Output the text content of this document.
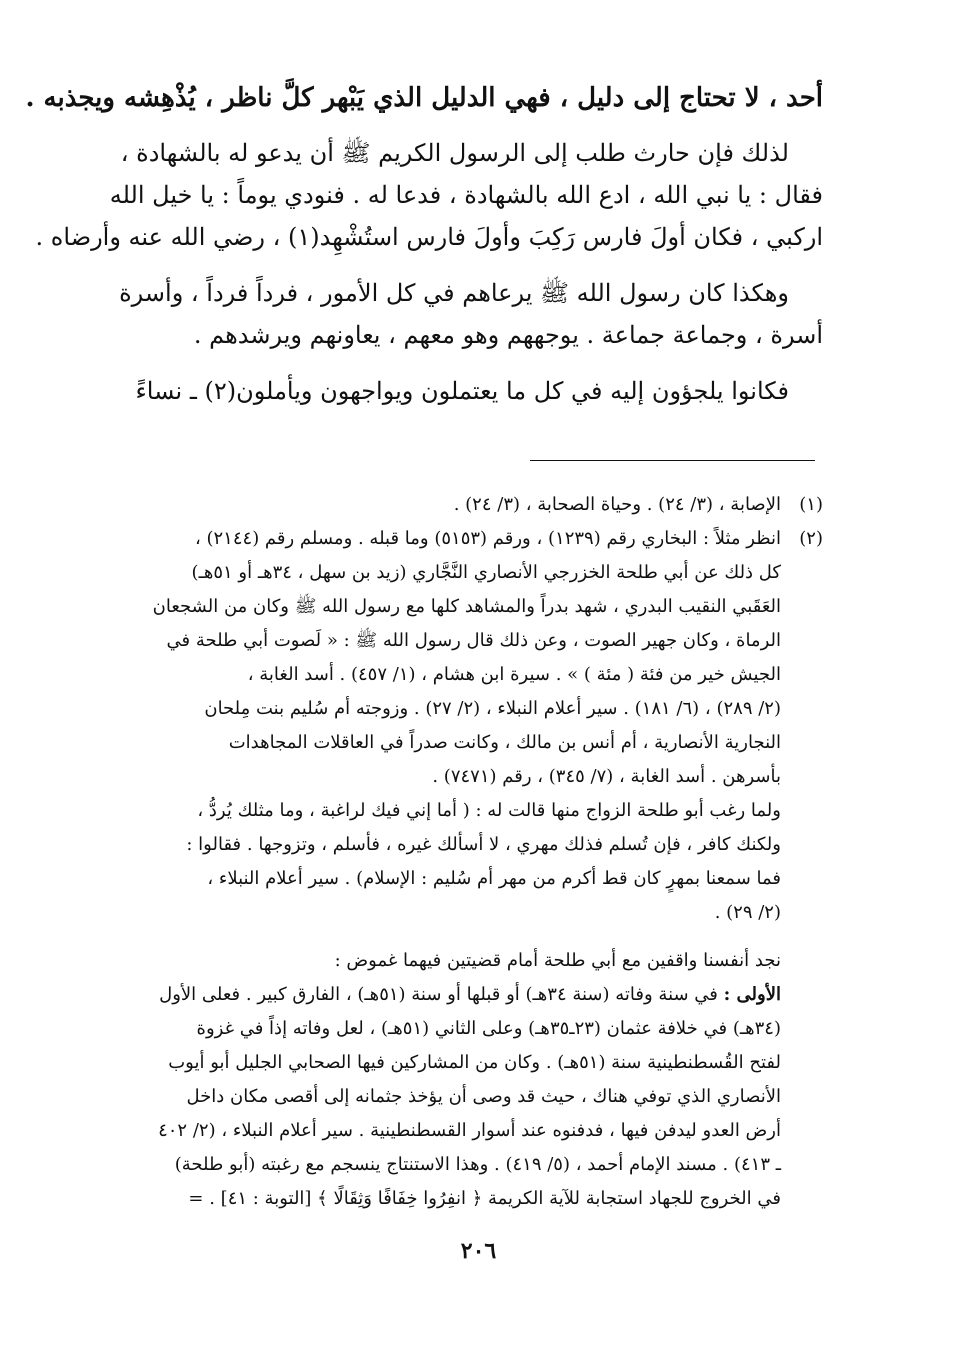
أحد ، لا تحتاج إلى دليل ، فهي الدليل الذي يَبْهر كلَّ ناظر ، يُذْهِشه ويجذبه .
لذلك فإن حارث طلب إلى الرسول الكريم ﷺ أن يدعو له بالشهادة ،
فقال : يا نبي الله ، ادع الله بالشهادة ، فدعا له . فنودي يوماً : يا خيل الله
اركبي ، فكان أولَ فارس رَكِبَ وأولَ فارس استُشْهِد(١) ، رضي الله عنه وأرضاه .
وهكذا كان رسول الله ﷺ يرعاهم في كل الأمور ، فرداً فرداً ، وأسرة
أسرة ، وجماعة جماعة . يوجههم وهو معهم ، يعاونهم ويرشدهم .
فكانوا يلجؤون إليه في كل ما يعتملون ويواجهون ويأملون(٢) ـ نساءً
(١)
الإصابة ، (٣/ ٢٤) . وحياة الصحابة ، (٣/ ٢٤) .
(٢)
انظر مثلاً : البخاري رقم (١٢٣٩) ، ورقم (٥١٥٣) وما قبله . ومسلم رقم (٢١٤٤) ،
كل ذلك عن أبي طلحة الخزرجي الأنصاري النَّجَّاري (زيد بن سهل ، ٣٤هـ أو ٥١هـ)
العَقَبي النقيب البدري ، شهد بدراً والمشاهد كلها مع رسول الله ﷺ وكان من الشجعان
الرماة ، وكان جهير الصوت ، وعن ذلك قال رسول الله ﷺ : « لَصوت أبي طلحة في
الجيش خير من فئة ( مئة ) » . سيرة ابن هشام ، (١/ ٤٥٧) . أسد الغابة ،
(٢/ ٢٨٩) ، (٦/ ١٨١) . سير أعلام النبلاء ، (٢/ ٢٧) . وزوجته أم سُليم بنت مِلحان
النجارية الأنصارية ، أم أنس بن مالك ، وكانت صدراً في العاقلات المجاهدات
بأسرهن . أسد الغابة ، (٧/ ٣٤٥) ، رقم (٧٤٧١) .
ولما رغب أبو طلحة الزواج منها قالت له : ( أما إني فيك لراغبة ، وما مثلك يُردُّ ،
ولكنك كافر ، فإن تُسلم فذلك مهري ، لا أسألك غيره ، فأسلم ، وتزوجها . فقالوا :
فما سمعنا بمهرٍ كان قط أكرم من مهر أم سُليم : الإسلام) . سير أعلام النبلاء ،
(٢/ ٢٩) .
نجد أنفسنا واقفين مع أبي طلحة أمام قضيتين فيهما غموض :
الأولى : في سنة وفاته (سنة ٣٤هـ) أو قبلها أو سنة (٥١هـ) ، الفارق كبير . فعلى الأول
(٣٤هـ) في خلافة عثمان (٢٣ـ٣٥هـ) وعلى الثاني (٥١هـ) ، لعل وفاته إذاً في غزوة
لفتح القُسطنطينية سنة (٥١هـ) . وكان من المشاركين فيها الصحابي الجليل أبو أيوب
الأنصاري الذي توفي هناك ، حيث قد وصى أن يؤخذ جثمانه إلى أقصى مكان داخل
أرض العدو ليدفن فيها ، فدفنوه عند أسوار القسطنطينية . سير أعلام النبلاء ، (٢/ ٤٠٢
ـ ٤١٣) . مسند الإمام أحمد ، (٥/ ٤١٩) . وهذا الاستنتاج ينسجم مع رغبته (أبو طلحة)
في الخروج للجهاد استجابة للآية الكريمة ﴿ انفِرُوا خِفَافًا وَثِقَالًا ﴾ [التوبة : ٤١] . =
٢٠٦
